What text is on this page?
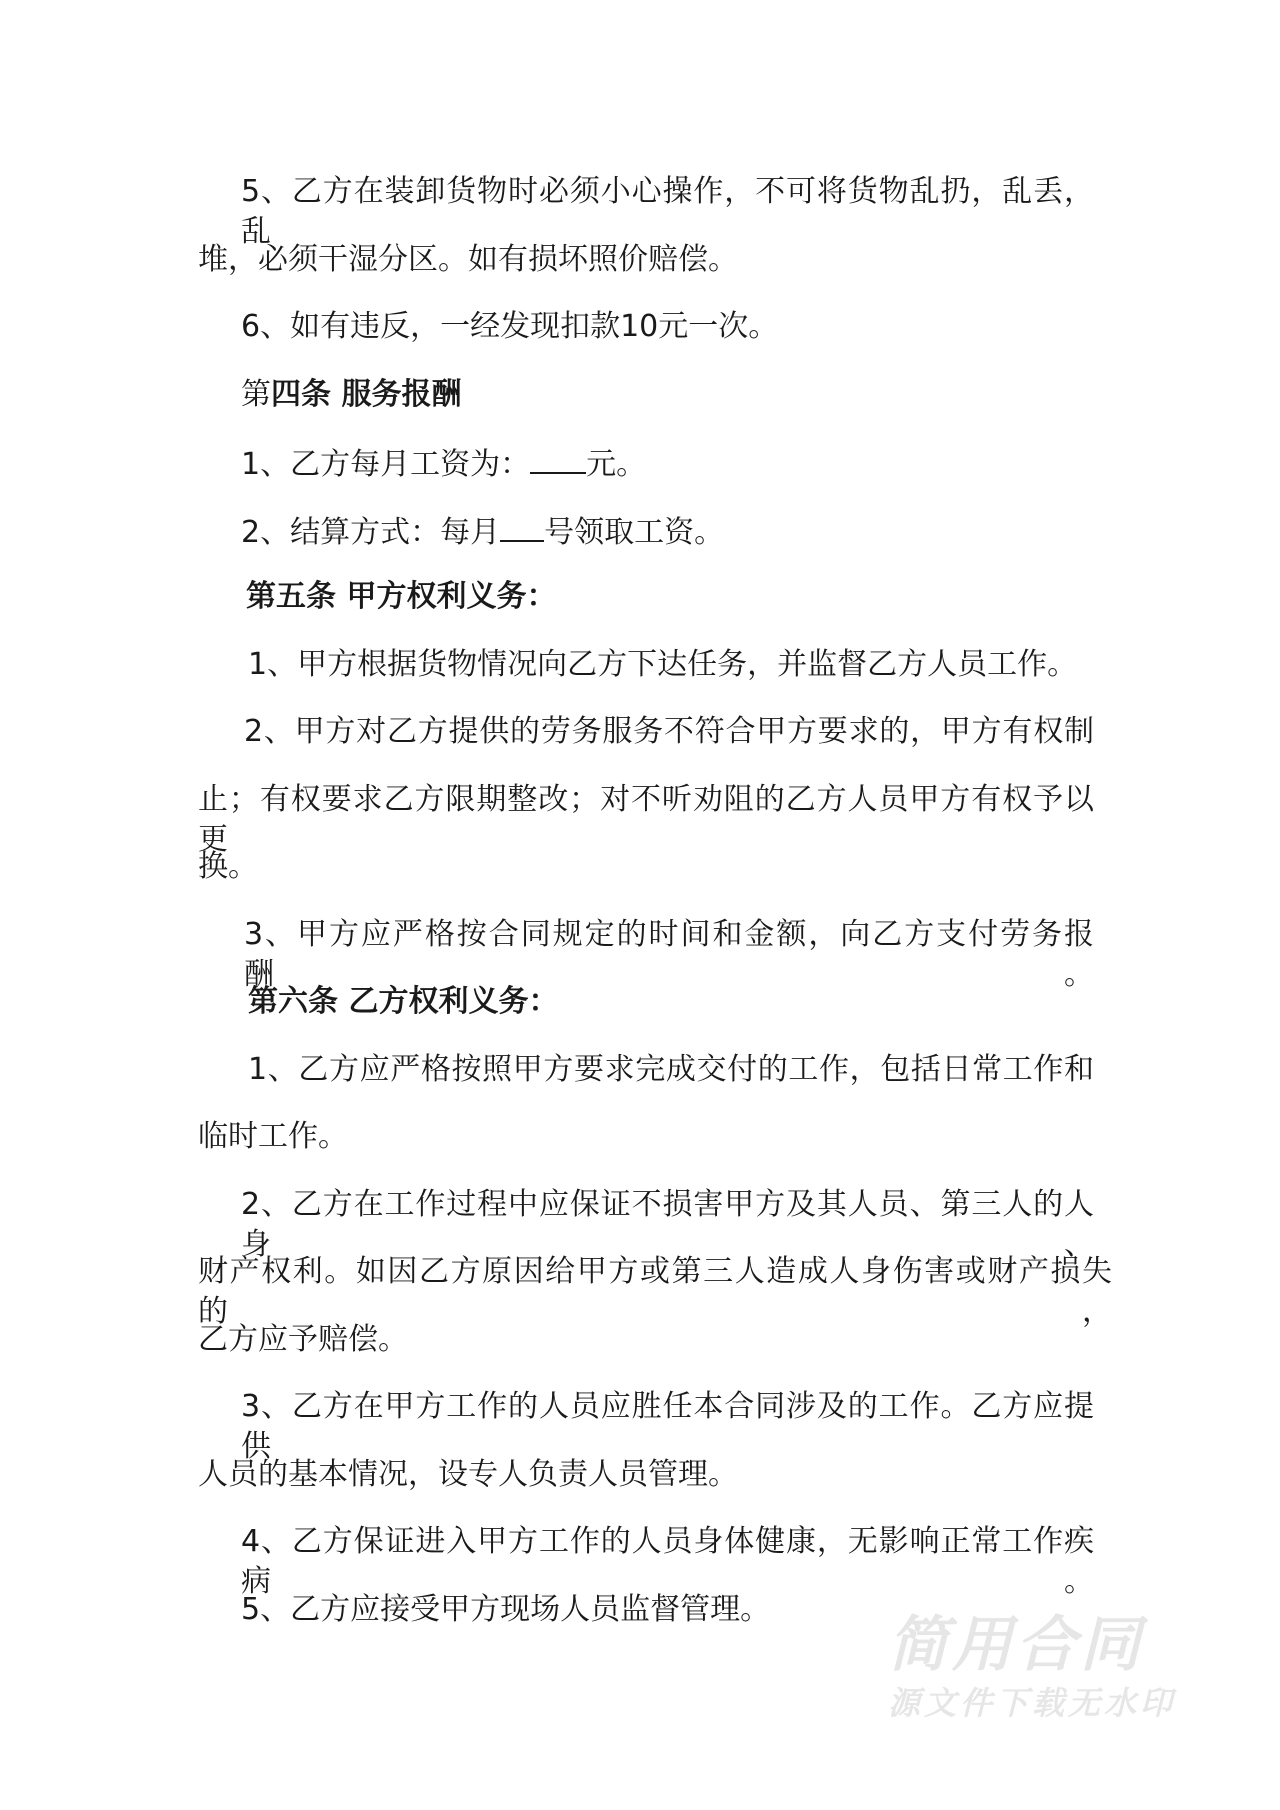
5、乙方在装卸货物时必须小心操作，不可将货物乱扔，乱丢，乱
堆，必须干湿分区。如有损坏照价赔偿。
6、如有违反，一经发现扣款10元一次。
第四条 服务报酬
1、乙方每月工资为： 元。
2、结算方式：每月 号领取工资。
第五条 甲方权利义务：
1、甲方根据货物情况向乙方下达任务，并监督乙方人员工作。
2、甲方对乙方提供的劳务服务不符合甲方要求的，甲方有权制
止；有权要求乙方限期整改；对不听劝阻的乙方人员甲方有权予以更
换。
3、甲方应严格按合同规定的时间和金额，向乙方支付劳务报酬。
第六条 乙方权利义务：
1、乙方应严格按照甲方要求完成交付的工作，包括日常工作和
临时工作。
2、乙方在工作过程中应保证不损害甲方及其人员、第三人的人身、
财产权利。如因乙方原因给甲方或第三人造成人身伤害或财产损失的，
乙方应予赔偿。
3、乙方在甲方工作的人员应胜任本合同涉及的工作。乙方应提供
人员的基本情况，设专人负责人员管理。
4、乙方保证进入甲方工作的人员身体健康，无影响正常工作疾病。
5、乙方应接受甲方现场人员监督管理。
简用合同
源文件下载无水印
